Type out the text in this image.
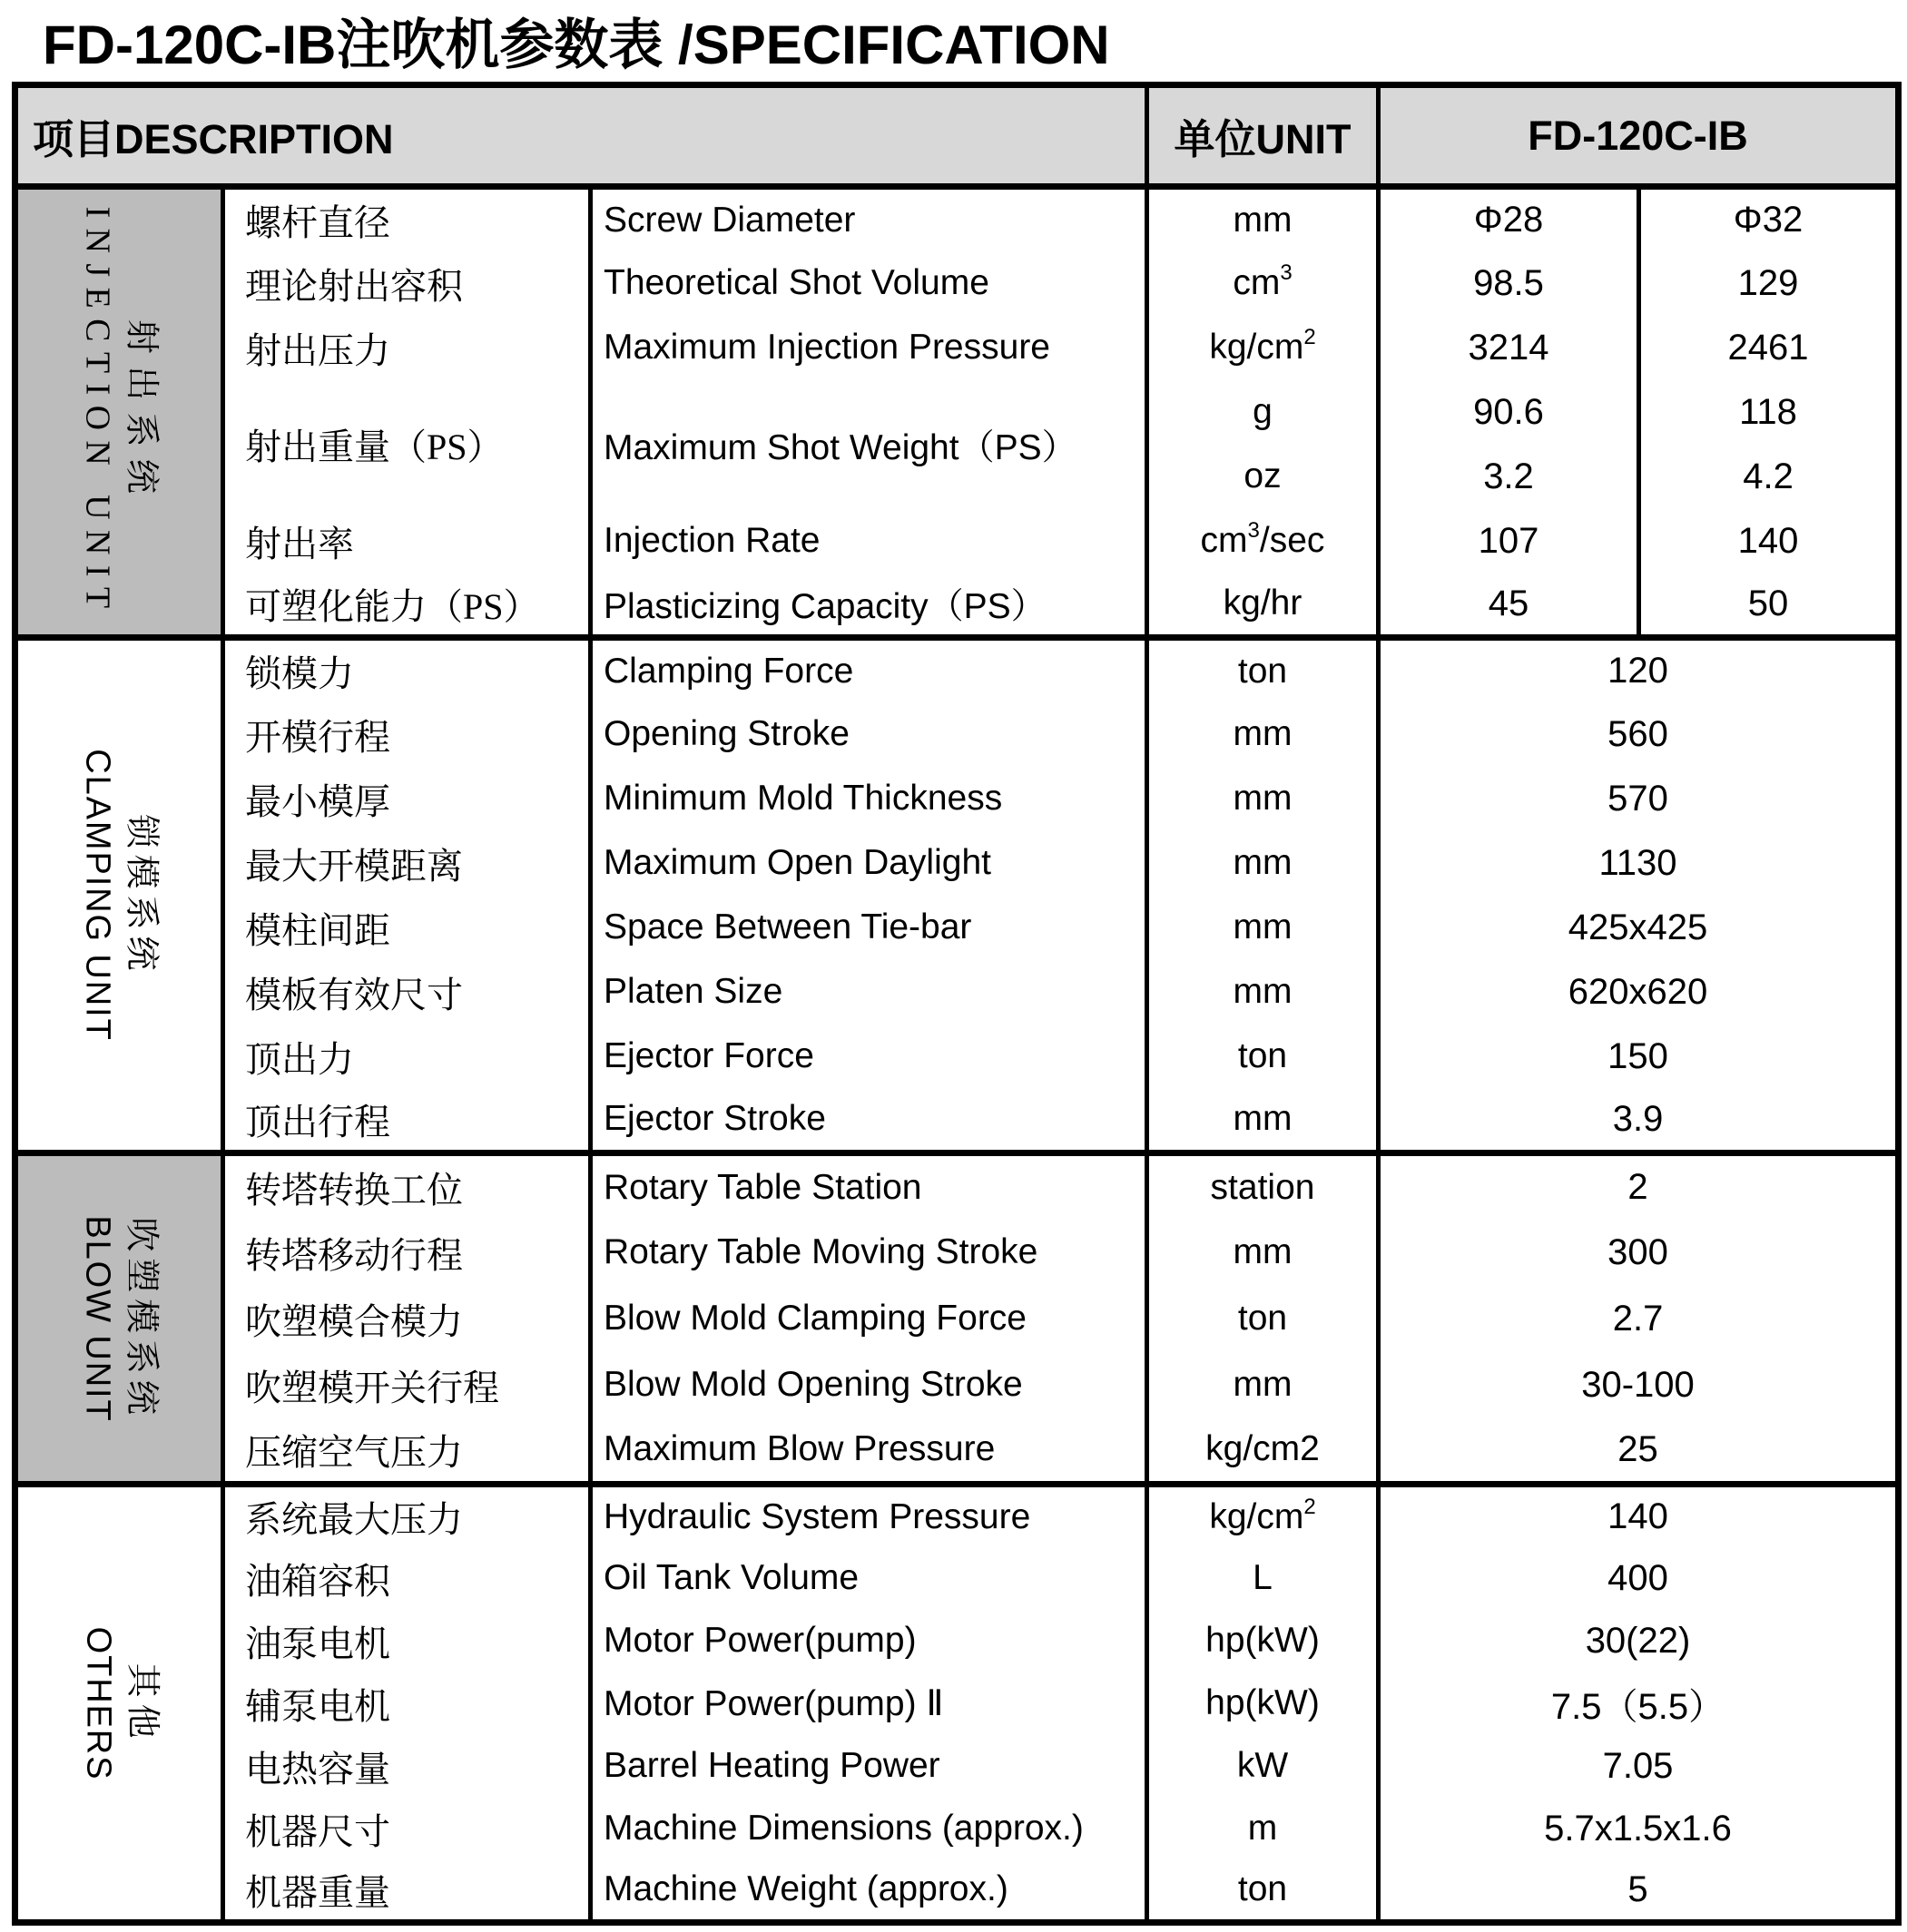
FD-120C-IB注吹机参数表 /SPECIFICATION
项目DESCRIPTION			单位UNIT	FD-120C-IB	

射出系统
INJECTION UNIT	螺杆直径	Screw Diameter	mm	Φ28	Φ32
	理论射出容积	Theoretical Shot Volume	$cm^3$	98.5	129
	射出压力	Maximum Injection Pressure	$kg/cm^2$	3214	2461
	射出重量（PS）	Maximum Shot Weight（PS）	g	90.6	118
			oz	3.2	4.2
	射出率	Injection Rate	$cm^3/\sec$	107	140
	可塑化能力（PS）	Plasticizing Capacity（PS）	kg/hr	45	50

锁模系统
CLAMPING UNIT	锁模力	Clamping Force	ton	120	
	开模行程	Opening Stroke	mm	560	
	最小模厚	Minimum Mold Thickness	mm	570	
	最大开模距离	Maximum Open Daylight	mm	1130	
	模柱间距	Space Between Tie-bar	mm	425x425	
	模板有效尺寸	Platen Size	mm	620x620	
	顶出力	Ejector Force	ton	150	
	顶出行程	Ejector Stroke	mm	3.9	

吹塑模系统
BLOW UNIT	转塔转换工位	Rotary Table Station	station	2	
	转塔移动行程	Rotary Table Moving Stroke	mm	300	
	吹塑模合模力	Blow Mold Clamping Force	ton	2.7	
	吹塑模开关行程	Blow Mold Opening Stroke	mm	30-100	
	压缩空气压力	Maximum Blow Pressure	kg/cm2	25	

其他
OTHERS	系统最大压力	Hydraulic System Pressure	$kg/cm^2$	140	
	油箱容积	Oil Tank Volume	L	400	
	油泵电机	Motor Power(pump)	hp(kW)	30(22)	
	辅泵电机	Motor Power(pump) Ⅱ	hp(kW)	7.5（5.5）	
	电热容量	Barrel Heating Power	kW	7.05	
	机器尺寸	Machine Dimensions (approx.)	m	5.7x1.5x1.6	
	机器重量	Machine Weight (approx.)	ton	5	
